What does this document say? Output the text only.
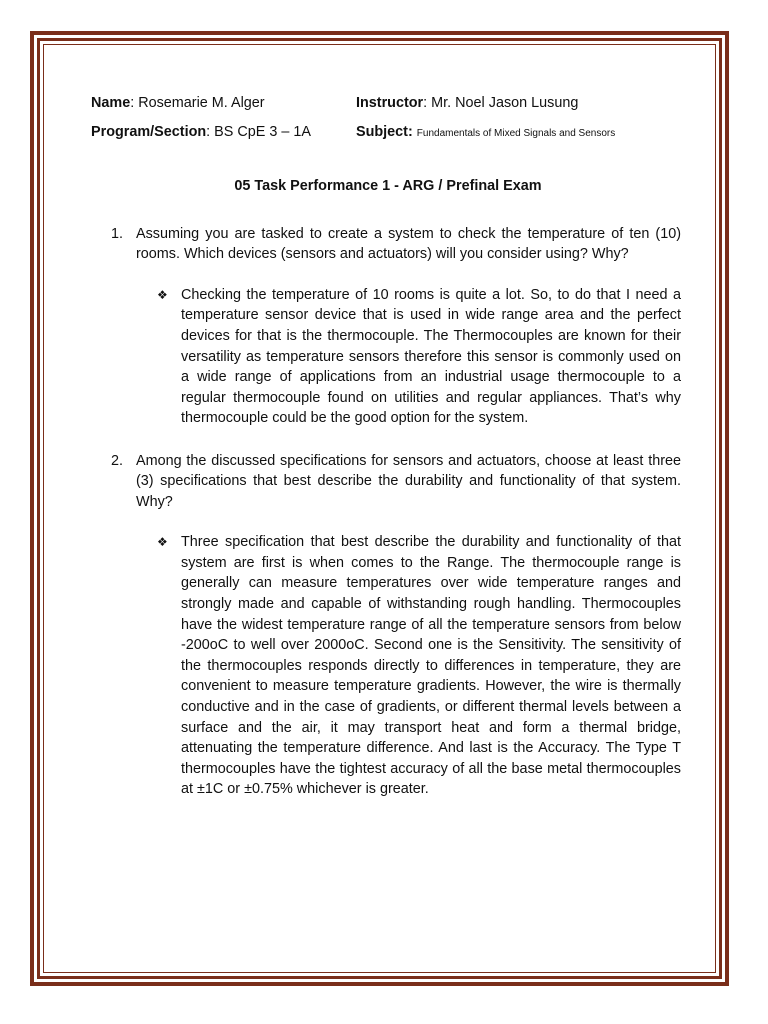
Name: Rosemarie M. Alger	Instructor: Mr. Noel Jason Lusung
Program/Section: BS CpE 3 – 1A	Subject: Fundamentals of Mixed Signals and Sensors
05 Task Performance 1 - ARG / Prefinal Exam
1. Assuming you are tasked to create a system to check the temperature of ten (10) rooms. Which devices (sensors and actuators) will you consider using? Why?
❖ Checking the temperature of 10 rooms is quite a lot. So, to do that I need a temperature sensor device that is used in wide range area and the perfect devices for that is the thermocouple. The Thermocouples are known for their versatility as temperature sensors therefore this sensor is commonly used on a wide range of applications from an industrial usage thermocouple to a regular thermocouple found on utilities and regular appliances. That’s why thermocouple could be the good option for the system.
2. Among the discussed specifications for sensors and actuators, choose at least three (3) specifications that best describe the durability and functionality of that system. Why?
❖ Three specification that best describe the durability and functionality of that system are first is when comes to the Range. The thermocouple range is generally can measure temperatures over wide temperature ranges and strongly made and capable of withstanding rough handling. Thermocouples have the widest temperature range of all the temperature sensors from below -200oC to well over 2000oC. Second one is the Sensitivity. The sensitivity of the thermocouples responds directly to differences in temperature, they are convenient to measure temperature gradients. However, the wire is thermally conductive and in the case of gradients, or different thermal levels between a surface and the air, it may transport heat and form a thermal bridge, attenuating the temperature difference. And last is the Accuracy. The Type T thermocouples have the tightest accuracy of all the base metal thermocouples at ±1C or ±0.75% whichever is greater.
